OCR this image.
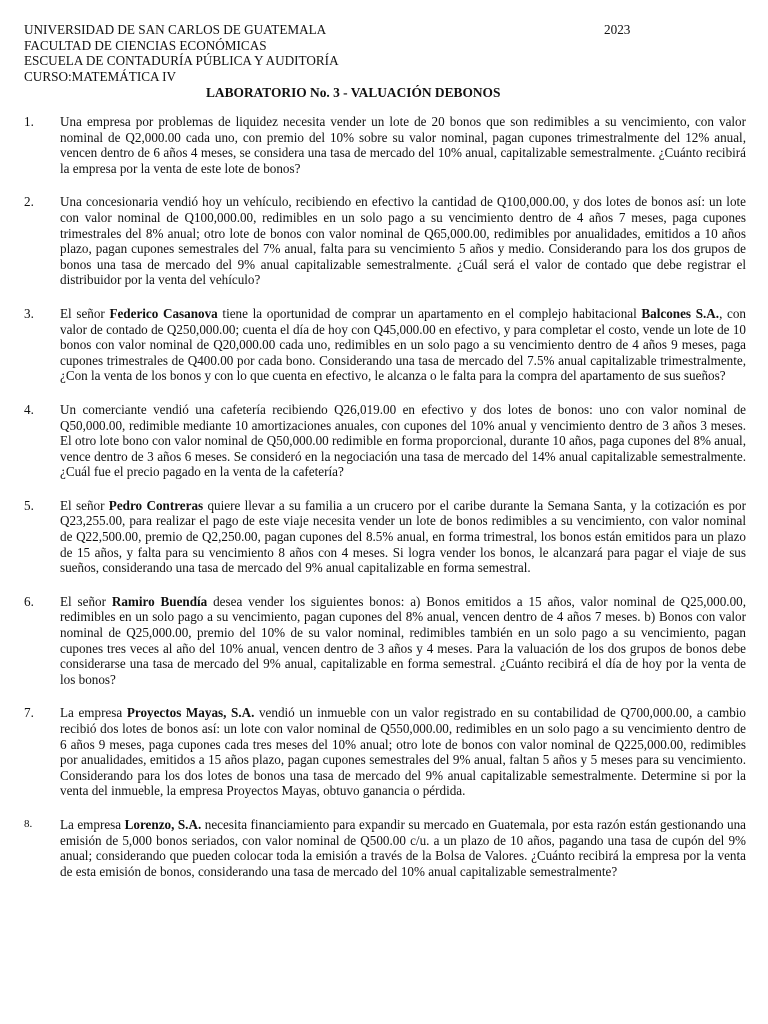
UNIVERSIDAD DE SAN CARLOS DE GUATEMALA
FACULTAD DE CIENCIAS ECONÓMICAS
ESCUELA DE CONTADURÍA PÚBLICA Y AUDITORÍA
CURSO:MATEMÁTICA IV
2023
LABORATORIO No. 3 - VALUACIÓN DEBONOS
1.	Una empresa por problemas de liquidez necesita vender un lote de 20 bonos que son redimibles a su vencimiento, con valor nominal de Q2,000.00 cada uno, con premio del 10% sobre su valor nominal, pagan cupones trimestralmente del 12% anual, vencen dentro de 6 años 4 meses, se considera una tasa de mercado del 10% anual, capitalizable semestralmente. ¿Cuánto recibirá la empresa por la venta de este lote de bonos?
2.	Una concesionaria vendió hoy un vehículo, recibiendo en efectivo la cantidad de Q100,000.00, y dos lotes de bonos así: un lote con valor nominal de Q100,000.00, redimibles en un solo pago a su vencimiento dentro de 4 años 7 meses, paga cupones trimestrales del 8% anual; otro lote de bonos con valor nominal de Q65,000.00, redimibles por anualidades, emitidos a 10 años plazo, pagan cupones semestrales del 7% anual, falta para su vencimiento 5 años y medio. Considerando para los dos grupos de bonos una tasa de mercado del 9% anual capitalizable semestralmente. ¿Cuál será el valor de contado que debe registrar el distribuidor por la venta del vehículo?
3.	El señor Federico Casanova tiene la oportunidad de comprar un apartamento en el complejo habitacional Balcones S.A., con valor de contado de Q250,000.00; cuenta el día de hoy con Q45,000.00 en efectivo, y para completar el costo, vende un lote de 10 bonos con valor nominal de Q20,000.00 cada uno, redimibles en un solo pago a su vencimiento dentro de 4 años 9 meses, paga cupones trimestrales de Q400.00 por cada bono. Considerando una tasa de mercado del 7.5% anual capitalizable trimestralmente, ¿Con la venta de los bonos y con lo que cuenta en efectivo, le alcanza o le falta para la compra del apartamento de sus sueños?
4.	Un comerciante vendió una cafetería recibiendo Q26,019.00 en efectivo y dos lotes de bonos: uno con valor nominal de Q50,000.00, redimible mediante 10 amortizaciones anuales, con cupones del 10% anual y vencimiento dentro de 3 años 3 meses. El otro lote bono con valor nominal de Q50,000.00 redimible en forma proporcional, durante 10 años, paga cupones del 8% anual, vence dentro de 3 años 6 meses. Se consideró en la negociación una tasa de mercado del 14% anual capitalizable semestralmente. ¿Cuál fue el precio pagado en la venta de la cafetería?
5.	El señor Pedro Contreras quiere llevar a su familia a un crucero por el caribe durante la Semana Santa, y la cotización es por Q23,255.00, para realizar el pago de este viaje necesita vender un lote de bonos redimibles a su vencimiento, con valor nominal de Q22,500.00, premio de Q2,250.00, pagan cupones del 8.5% anual, en forma trimestral, los bonos están emitidos para un plazo de 15 años, y falta para su vencimiento 8 años con 4 meses. Si logra vender los bonos, le alcanzará para pagar el viaje de sus sueños, considerando una tasa de mercado del 9% anual capitalizable en forma semestral.
6.	El señor Ramiro Buendía desea vender los siguientes bonos: a) Bonos emitidos a 15 años, valor nominal de Q25,000.00, redimibles en un solo pago a su vencimiento, pagan cupones del 8% anual, vencen dentro de 4 años 7 meses. b) Bonos con valor nominal de Q25,000.00, premio del 10% de su valor nominal, redimibles también en un solo pago a su vencimiento, pagan cupones tres veces al año del 10% anual, vencen dentro de 3 años y 4 meses. Para la valuación de los dos grupos de bonos debe considerarse una tasa de mercado del 9% anual, capitalizable en forma semestral. ¿Cuánto recibirá el día de hoy por la venta de los bonos?
7.	La empresa Proyectos Mayas, S.A. vendió un inmueble con un valor registrado en su contabilidad de Q700,000.00, a cambio recibió dos lotes de bonos así: un lote con valor nominal de Q550,000.00, redimibles en un solo pago a su vencimiento dentro de 6 años 9 meses, paga cupones cada tres meses del 10% anual; otro lote de bonos con valor nominal de Q225,000.00, redimibles por anualidades, emitidos a 15 años plazo, pagan cupones semestrales del 9% anual, faltan 5 años y 5 meses para su vencimiento. Considerando para los dos lotes de bonos una tasa de mercado del 9% anual capitalizable semestralmente. Determine si por la venta del inmueble, la empresa Proyectos Mayas, obtuvo ganancia o pérdida.
8.	La empresa Lorenzo, S.A. necesita financiamiento para expandir su mercado en Guatemala, por esta razón están gestionando una emisión de 5,000 bonos seriados, con valor nominal de Q500.00 c/u. a un plazo de 10 años, pagando una tasa de cupón del 9% anual; considerando que pueden colocar toda la emisión a través de la Bolsa de Valores. ¿Cuánto recibirá la empresa por la venta de esta emisión de bonos, considerando una tasa de mercado del 10% anual capitalizable semestralmente?
